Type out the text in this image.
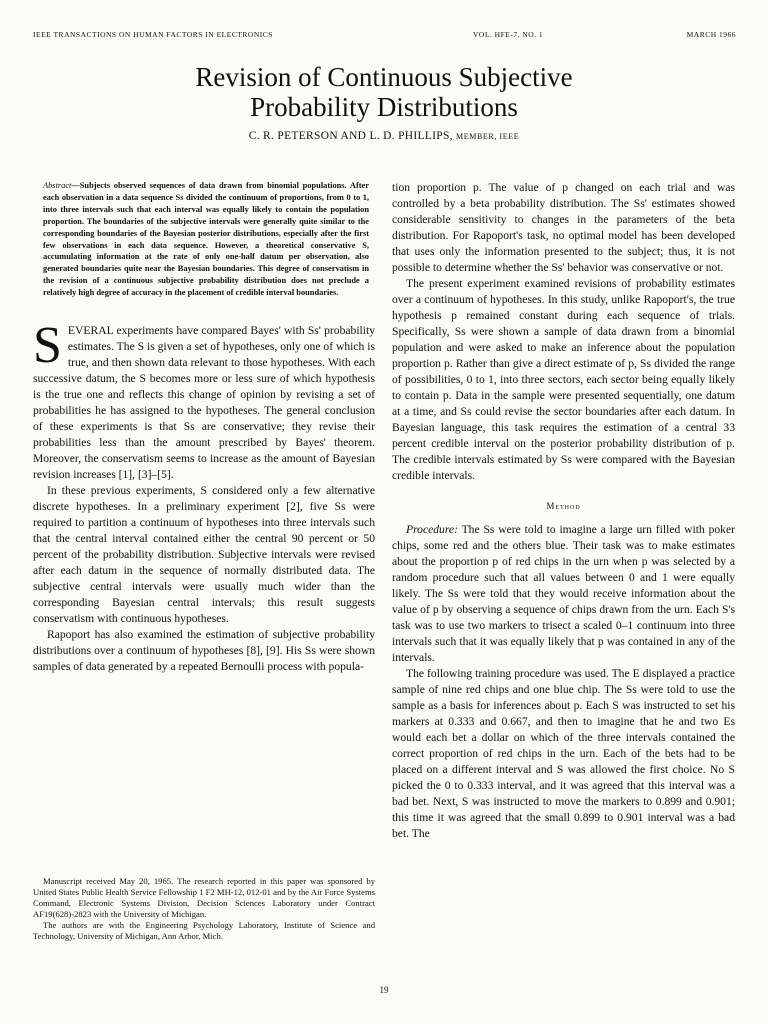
IEEE TRANSACTIONS ON HUMAN FACTORS IN ELECTRONICS	VOL. HFE-7, NO. 1	MARCH 1966
Revision of Continuous Subjective
Probability Distributions
C. R. PETERSON AND L. D. PHILLIPS, MEMBER, IEEE
Abstract—Subjects observed sequences of data drawn from binomial populations. After each observation in a data sequence Ss divided the continuum of proportions, from 0 to 1, into three intervals such that each interval was equally likely to contain the population proportion. The boundaries of the subjective intervals were generally quite similar to the corresponding boundaries of the Bayesian posterior distributions, especially after the first few observations in each data sequence. However, a theoretical conservative S, accumulating information at the rate of only one-half datum per observation, also generated boundaries quite near the Bayesian boundaries. This degree of conservatism in the revision of a continuous subjective probability distribution does not preclude a relatively high degree of accuracy in the placement of credible interval boundaries.

SEVERAL experiments have compared Bayes' with Ss' probability estimates. The S is given a set of hypotheses, only one of which is true, and then shown data relevant to those hypotheses. With each successive datum, the S becomes more or less sure of which hypothesis is the true one and reflects this change of opinion by revising a set of probabilities he has assigned to the hypotheses. The general conclusion of these experiments is that Ss are conservative; they revise their probabilities less than the amount prescribed by Bayes' theorem. Moreover, the conservatism seems to increase as the amount of Bayesian revision increases [1], [3]–[5].

In these previous experiments, S considered only a few alternative discrete hypotheses. In a preliminary experiment [2], five Ss were required to partition a continuum of hypotheses into three intervals such that the central interval contained either the central 90 percent or 50 percent of the probability distribution. Subjective intervals were revised after each datum in the sequence of normally distributed data. The subjective central intervals were usually much wider than the corresponding Bayesian central intervals; this result suggests conservatism with continuous hypotheses.

Rapoport has also examined the estimation of subjective probability distributions over a continuum of hypotheses [8], [9]. His Ss were shown samples of data generated by a repeated Bernoulli process with popula-

tion proportion p. The value of p changed on each trial and was controlled by a beta probability distribution. The Ss' estimates showed considerable sensitivity to changes in the parameters of the beta distribution. For Rapoport's task, no optimal model has been developed that uses only the information presented to the subject; thus, it is not possible to determine whether the Ss' behavior was conservative or not.

The present experiment examined revisions of probability estimates over a continuum of hypotheses. In this study, unlike Rapoport's, the true hypothesis p remained constant during each sequence of trials. Specifically, Ss were shown a sample of data drawn from a binomial population and were asked to make an inference about the population proportion p. Rather than give a direct estimate of p, Ss divided the range of possibilities, 0 to 1, into three sectors, each sector being equally likely to contain p. Data in the sample were presented sequentially, one datum at a time, and Ss could revise the sector boundaries after each datum. In Bayesian language, this task requires the estimation of a central 33 percent credible interval on the posterior probability distribution of p. The credible intervals estimated by Ss were compared with the Bayesian credible intervals.

Method

Procedure: The Ss were told to imagine a large urn filled with poker chips, some red and the others blue. Their task was to make estimates about the proportion p of red chips in the urn when p was selected by a random procedure such that all values between 0 and 1 were equally likely. The Ss were told that they would receive information about the value of p by observing a sequence of chips drawn from the urn. Each S's task was to use two markers to trisect a scaled 0–1 continuum into three intervals such that it was equally likely that p was contained in any of the intervals.

The following training procedure was used. The E displayed a practice sample of nine red chips and one blue chip. The Ss were told to use the sample as a basis for inferences about p. Each S was instructed to set his markers at 0.333 and 0.667, and then to imagine that he and two Es would each bet a dollar on which of the three intervals contained the correct proportion of red chips in the urn. Each of the bets had to be placed on a different interval and S was allowed the first choice. No S picked the 0 to 0.333 interval, and it was agreed that this interval was a bad bet. Next, S was instructed to move the markers to 0.899 and 0.901; this time it was agreed that the small 0.899 to 0.901 interval was a bad bet. The

Manuscript received May 20, 1965. The research reported in this paper was sponsored by United States Public Health Service Fellowship 1 F2 MH-12, 012-01 and by the Air Force Systems Command, Electronic Systems Division, Decision Sciences Laboratory under Contract AF19(628)-2823 with the University of Michigan.

The authors are with the Engineering Psychology Laboratory, Institute of Science and Technology, University of Michigan, Ann Arbor, Mich.

19
